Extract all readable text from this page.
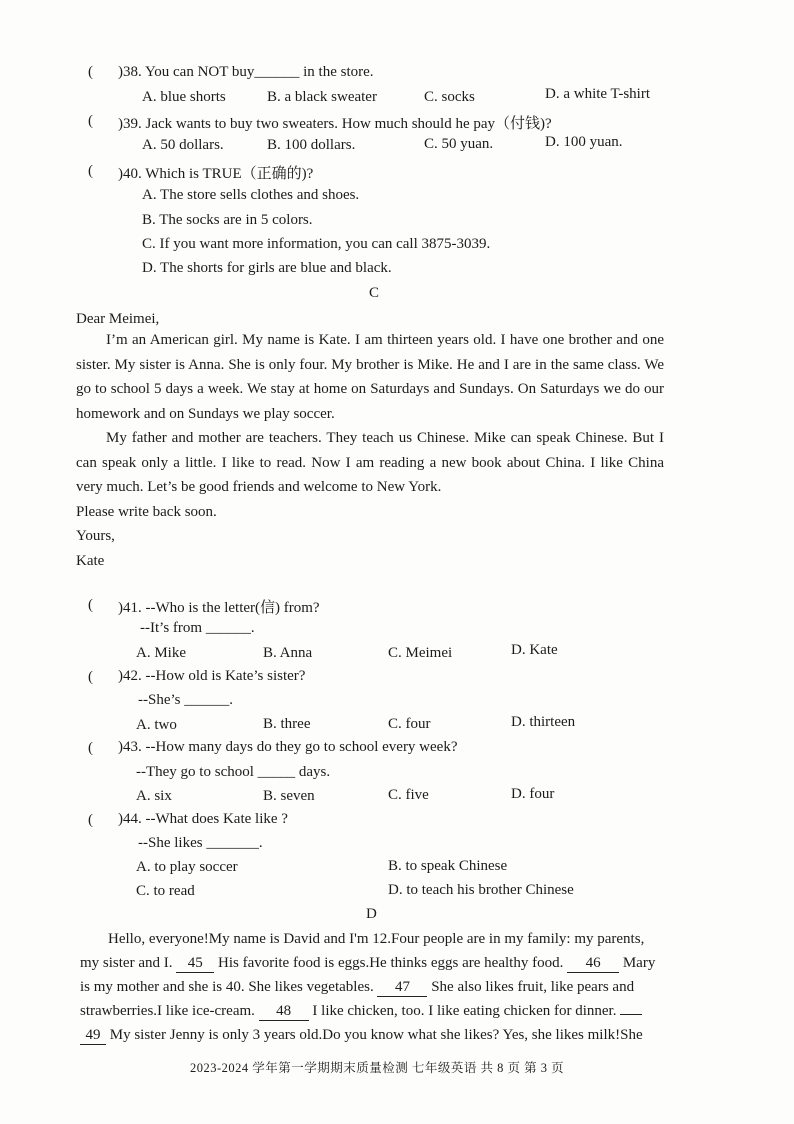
( )38. You can NOT buy______ in the store.
A. blue shorts	B. a black sweater	C. socks	D. a white T-shirt
( )39. Jack wants to buy two sweaters. How much should he pay（付钱)?
A. 50 dollars.	B. 100 dollars.	C. 50 yuan.	D. 100 yuan.
( )40. Which is TRUE（正确的)?
A. The store sells clothes and shoes.
B. The socks are in 5 colors.
C. If you want more information, you can call 3875-3039.
D. The shorts for girls are blue and black.
C
Dear Meimei,

I’m an American girl. My name is Kate. I am thirteen years old. I have one brother and one sister. My sister is Anna. She is only four. My brother is Mike. He and I are in the same class. We go to school 5 days a week. We stay at home on Saturdays and Sundays. On Saturdays we do our homework and on Sundays we play soccer.

My father and mother are teachers. They teach us Chinese. Mike can speak Chinese. But I can speak only a little. I like to read. Now I am reading a new book about China. I like China very much. Let’s be good friends and welcome to New York.

Please write back soon.

Yours,

Kate

( )41. --Who is the letter(信) from?
--It’s from ______.
A. Mike	B. Anna	C. Meimei	D. Kate
( )42. --How old is Kate’s sister?
--She’s ______.
A. two	B. three	C. four	D. thirteen
( )43. --How many days do they go to school every week?
--They go to school _____ days.
A. six	B. seven	C. five	D. four
( )44. --What does Kate like ?
--She likes _______.
A. to play soccer	B. to speak Chinese
C. to read	D. to teach his brother Chinese
D
Hello, everyone!My name is David and I'm 12.Four people are in my family: my parents,
my sister and I. 45 His favorite food is eggs.He thinks eggs are healthy food. 46 Mary
is my mother and she is 40. She likes vegetables. 47 She also likes fruit, like pears and
strawberries.I like ice-cream. 48 I like chicken, too. I like eating chicken for dinner.
49 My sister Jenny is only 3 years old.Do you know what she likes? Yes, she likes milk!She
2023-2024 学年第一学期期末质量检测 七年级英语 共 8 页 第 3 页
